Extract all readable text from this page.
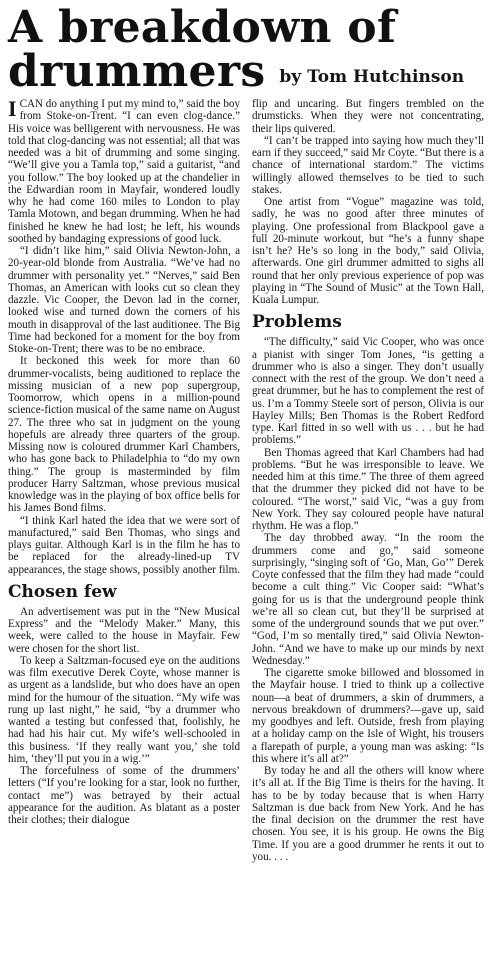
A breakdown of
drummers by Tom Hutchinson

ICAN do anything I put my mind to,” said the boy from Stoke-on-Trent. “I can even clog-dance.” His voice was belligerent with nervousness. He was told that clog-dancing was not essential; all that was needed was a bit of drumming and some singing. “We’ll give you a Tamla top,” said a guitarist, “and you follow.” The boy looked up at the chandelier in the Edwardian room in Mayfair, wondered loudly why he had come 160 miles to London to play Tamla Motown, and began drumming. When he had finished he knew he had lost; he left, his wounds soothed by bandaging expressions of good luck.

“I didn’t like him,” said Olivia Newton-John, a 20-year-old blonde from Australia. “We’ve had no drummer with personality yet.” “Nerves,” said Ben Thomas, an American with looks cut so clean they dazzle. Vic Cooper, the Devon lad in the corner, looked wise and turned down the corners of his mouth in disapproval of the last auditionee. The Big Time had beckoned for a moment for the boy from Stoke-on-Trent; there was to be no embrace.

It beckoned this week for more than 60 drummer-vocalists, being auditioned to replace the missing musician of a new pop supergroup, Toomorrow, which opens in a million-pound science-fiction musical of the same name on August 27. The three who sat in judgment on the young hopefuls are already three quarters of the group. Missing now is coloured drummer Karl Chambers, who has gone back to Philadelphia to “do my own thing.” The group is masterminded by film producer Harry Saltzman, whose previous musical knowledge was in the playing of box office bells for his James Bond films.

“I think Karl hated the idea that we were sort of manufactured,” said Ben Thomas, who sings and plays guitar. Although Karl is in the film he has to be replaced for the already-lined-up TV appearances, the stage shows, possibly another film.

Chosen few

An advertisement was put in the “New Musical Express” and the “Melody Maker.” Many, this week, were called to the house in Mayfair. Few were chosen for the short list.

To keep a Saltzman-focused eye on the auditions was film executive Derek Coyte, whose manner is as urgent as a landslide, but who does have an open mind for the humour of the situation. “My wife was rung up last night,” he said, “by a drummer who wanted a testing but confessed that, foolishly, he had had his hair cut. My wife’s well-schooled in this business. ‘If they really want you,’ she told him, ‘they’ll put you in a wig.’”

The forcefulness of some of the drummers’ letters (“If you’re looking for a star, look no further, contact me”) was betrayed by their actual appearance for the audition. As blatant as a poster their clothes; their dialogue

flip and uncaring. But fingers trembled on the drumsticks. When they were not concentrating, their lips quivered.

“I can’t be trapped into saying how much they’ll earn if they succeed,” said Mr Coyte. “But there is a chance of international stardom.” The victims willingly allowed themselves to be tied to such stakes.

One artist from “Vogue” magazine was told, sadly, he was no good after three minutes of playing. One professional from Blackpool gave a full 20-minute workout, but “he’s a funny shape isn’t he? He’s so long in the body,” said Olivia, afterwards. One girl drummer admitted to sighs all round that her only previous experience of pop was playing in “The Sound of Music” at the Town Hall, Kuala Lumpur.

Problems

“The difficulty,” said Vic Cooper, who was once a pianist with singer Tom Jones, “is getting a drummer who is also a singer. They don’t usually connect with the rest of the group. We don’t need a great drummer, but he has to complement the rest of us. I’m a Tommy Steele sort of person, Olivia is our Hayley Mills; Ben Thomas is the Robert Redford type. Karl fitted in so well with us . . . but he had problems.”

Ben Thomas agreed that Karl Chambers had had problems. “But he was irresponsible to leave. We needed him at this time.” The three of them agreed that the drummer they picked did not have to be coloured. “The worst,” said Vic, “was a guy from New York. They say coloured people have natural rhythm. He was a flop.”

The day throbbed away. “In the room the drummers come and go,” said someone surprisingly, “singing soft of ‘Go, Man, Go’” Derek Coyte confessed that the film they had made “could become a cult thing.” Vic Cooper said: “What’s going for us is that the underground people think we’re all so clean cut, but they’ll be surprised at some of the underground sounds that we put over.” “God, I’m so mentally tired,” said Olivia Newton-John. “And we have to make up our minds by next Wednesday.”

The cigarette smoke billowed and blossomed in the Mayfair house. I tried to think up a collective noun—a beat of drummers, a skin of drummers, a nervous breakdown of drummers?—gave up, said my goodbyes and left. Outside, fresh from playing at a holiday camp on the Isle of Wight, his trousers a flarepath of purple, a young man was asking: “Is this where it’s all at?”

By today he and all the others will know where it’s all at. If the Big Time is theirs for the having. It has to be by today because that is when Harry Saltzman is due back from New York. And he has the final decision on the drummer the rest have chosen. You see, it is his group. He owns the Big Time. If you are a good drummer he rents it out to you. . . .
